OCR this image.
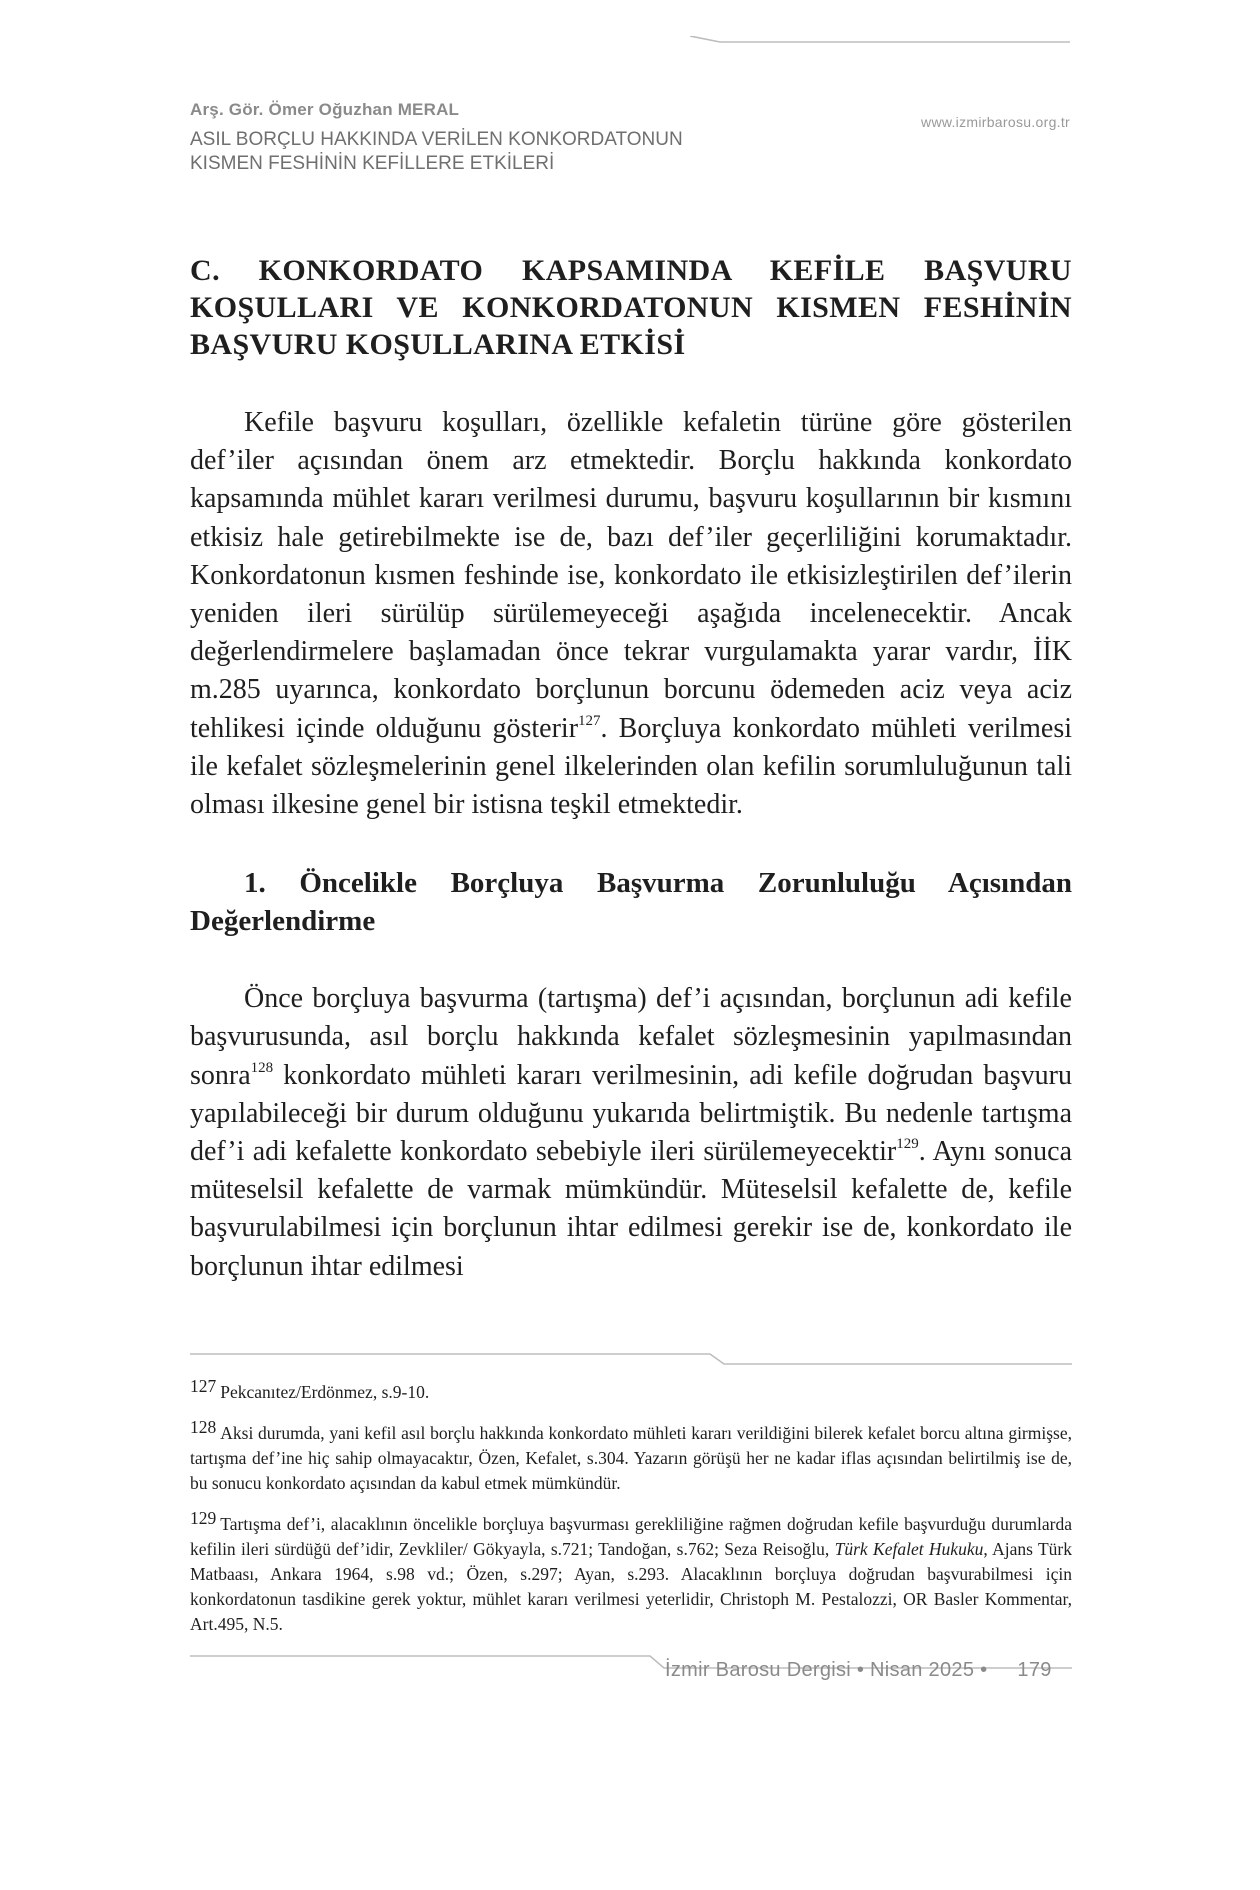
Arş. Gör. Ömer Oğuzhan MERAL
ASIL BORÇLU HAKKINDA VERİLEN KONKORDATONUN
KISMEN FESHİNİN KEFİLLERE ETKİLERİ
www.izmirbarosu.org.tr
C. KONKORDATO KAPSAMINDA KEFİLE BAŞVURU KOŞULLARI VE KONKORDATONUN KISMEN FESHİNİN BAŞVURU KOŞULLARINA ETKİSİ

Kefile başvuru koşulları, özellikle kefaletin türüne göre gösterilen def’iler açısından önem arz etmektedir. Borçlu hakkında konkordato kapsamında mühlet kararı verilmesi durumu, başvuru koşullarının bir kısmını etkisiz hale getirebilmekte ise de, bazı def’iler geçerliliğini korumaktadır. Konkordatonun kısmen feshinde ise, konkordato ile etkisizleştirilen def’ilerin yeniden ileri sürülüp sürülemeyeceği aşağıda incelenecektir. Ancak değerlendirmelere başlamadan önce tekrar vurgulamakta yarar vardır, İİK m.285 uyarınca, konkordato borçlunun borcunu ödemeden aciz veya aciz tehlikesi içinde olduğunu gösterir$^{127}$. Borçluya konkordato mühleti verilmesi ile kefalet sözleşmelerinin genel ilkelerinden olan kefilin sorumluluğunun tali olması ilkesine genel bir istisna teşkil etmektedir.

1. Öncelikle Borçluya Başvurma Zorunluluğu Açısından Değerlendirme

Önce borçluya başvurma (tartışma) def’i açısından, borçlunun adi kefile başvurusunda, asıl borçlu hakkında kefalet sözleşmesinin yapılmasından sonra$^{128}$ konkordato mühleti kararı verilmesinin, adi kefile doğrudan başvuru yapılabileceği bir durum olduğunu yukarıda belirtmiştik. Bu nedenle tartışma def’i adi kefalette konkordato sebebiyle ileri sürülemeyecektir$^{129}$. Aynı sonuca müteselsil kefalette de varmak mümkündür. Müteselsil kefalette de, kefile başvurulabilmesi için borçlunun ihtar edilmesi gerekir ise de, konkordato ile borçlunun ihtar edilmesi

127 Pekcanıtez/Erdönmez, s.9-10.

128 Aksi durumda, yani kefil asıl borçlu hakkında konkordato mühleti kararı verildiğini bilerek kefalet borcu altına girmişse, tartışma def’ine hiç sahip olmayacaktır, Özen, Kefalet, s.304. Yazarın görüşü her ne kadar iflas açısından belirtilmiş ise de, bu sonucu konkordato açısından da kabul etmek mümkündür.

129 Tartışma def’i, alacaklının öncelikle borçluya başvurması gerekliliğine rağmen doğrudan kefile başvurduğu durumlarda kefilin ileri sürdüğü def’idir, Zevkliler/ Gökyayla, s.721; Tandoğan, s.762; Seza Reisoğlu, Türk Kefalet Hukuku, Ajans Türk Matbaası, Ankara 1964, s.98 vd.; Özen, s.297; Ayan, s.293. Alacaklının borçluya doğrudan başvurabilmesi için konkordatonun tasdikine gerek yoktur, mühlet kararı verilmesi yeterlidir, Christoph M. Pestalozzi, OR Basler Kommentar, Art.495, N.5.

İzmir Barosu Dergisi • Nisan 2025 • 179
